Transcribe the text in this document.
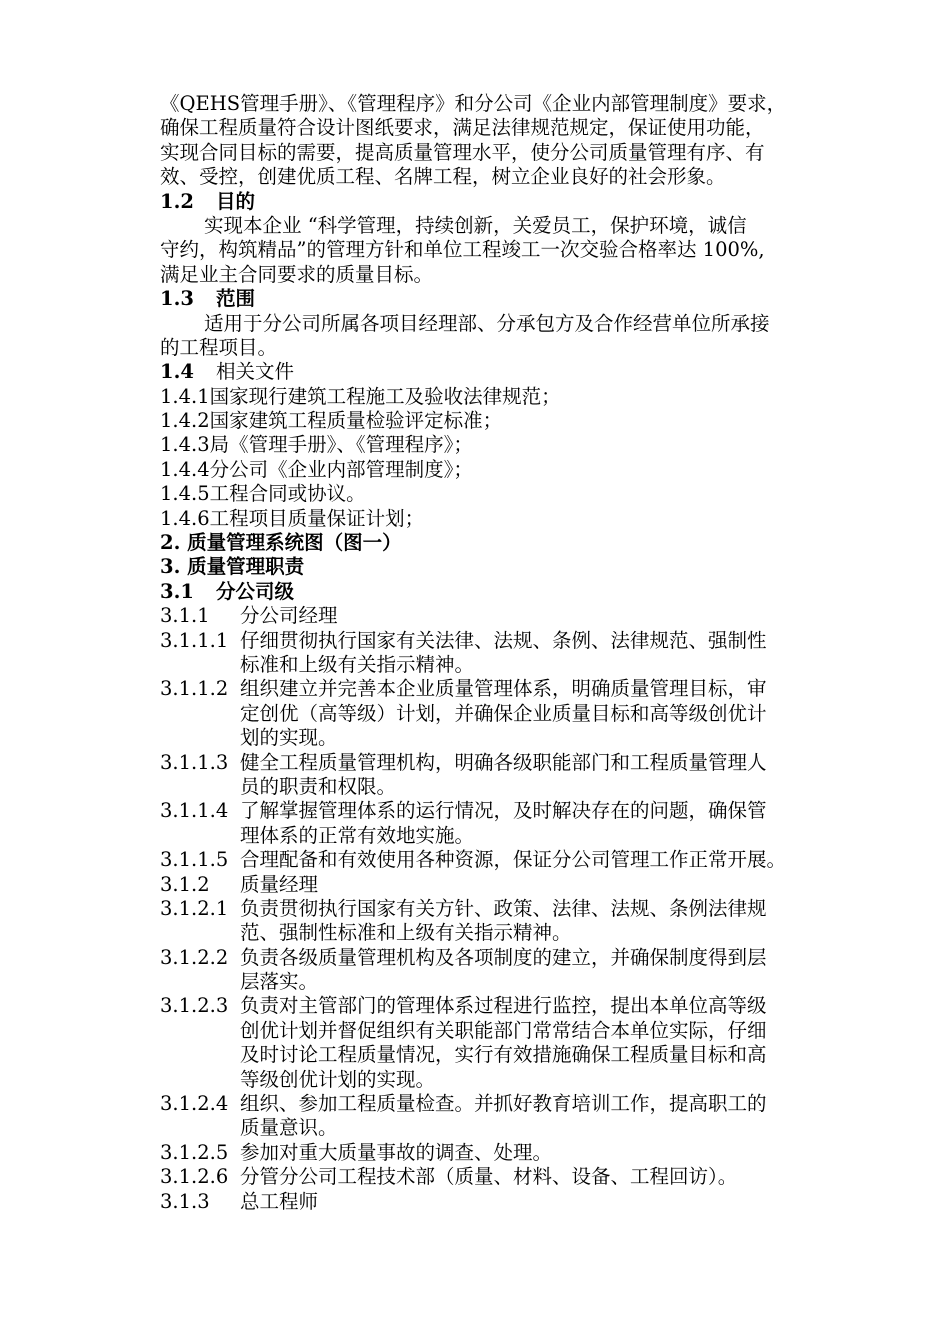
《QEHS管理手册》、《管理程序》和分公司《企业内部管理制度》要求，
确保工程质量符合设计图纸要求，满足法律规范规定，保证使用功能，
实现合同目标的需要，提高质量管理水平，使分公司质量管理有序、有
效、受控，创建优质工程、名牌工程，树立企业良好的社会形象。
1.2 目的
实现本企业 “科学管理，持续创新，关爱员工，保护环境，诚信
守约，构筑精品”的管理方针和单位工程竣工一次交验合格率达 100%,
满足业主合同要求的质量目标。
1.3 范围
适用于分公司所属各项目经理部、分承包方及合作经营单位所承接
的工程项目。
1.4 相关文件
1.4.1国家现行建筑工程施工及验收法律规范；
1.4.2国家建筑工程质量检验评定标准；
1.4.3局《管理手册》、《管理程序》；
1.4.4分公司《企业内部管理制度》；
1.4.5工程合同或协议。
1.4.6工程项目质量保证计划；
2. 质量管理系统图（图一）
3. 质量管理职责
3.1 分公司级
3.1.1 分公司经理
3.1.1.1 仔细贯彻执行国家有关法律、法规、条例、法律规范、强制性
标准和上级有关指示精神。
3.1.1.2 组织建立并完善本企业质量管理体系，明确质量管理目标，审
定创优（高等级）计划，并确保企业质量目标和高等级创优计
划的实现。
3.1.1.3 健全工程质量管理机构，明确各级职能部门和工程质量管理人
员的职责和权限。
3.1.1.4 了解掌握管理体系的运行情况，及时解决存在的问题，确保管
理体系的正常有效地实施。
3.1.1.5 合理配备和有效使用各种资源，保证分公司管理工作正常开展。
3.1.2 质量经理
3.1.2.1 负责贯彻执行国家有关方针、政策、法律、法规、条例法律规
范、强制性标准和上级有关指示精神。
3.1.2.2 负责各级质量管理机构及各项制度的建立，并确保制度得到层
层落实。
3.1.2.3 负责对主管部门的管理体系过程进行监控，提出本单位高等级
创优计划并督促组织有关职能部门常常结合本单位实际，仔细
及时讨论工程质量情况，实行有效措施确保工程质量目标和高
等级创优计划的实现。
3.1.2.4 组织、参加工程质量检查。并抓好教育培训工作，提高职工的
质量意识。
3.1.2.5 参加对重大质量事故的调查、处理。
3.1.2.6 分管分公司工程技术部（质量、材料、设备、工程回访）。
3.1.3 总工程师
